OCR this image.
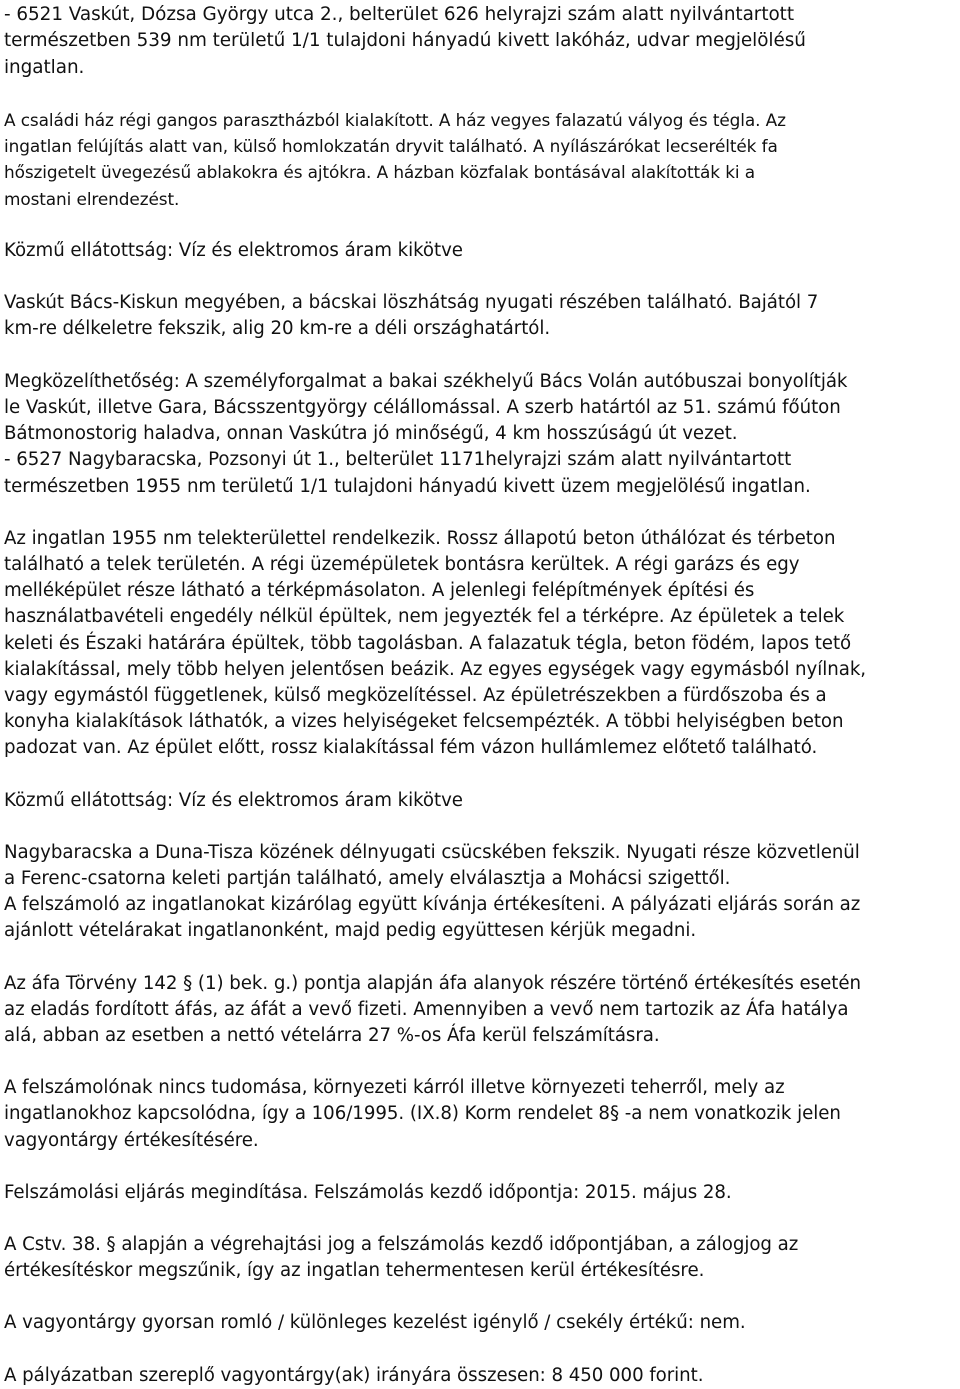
- 6521 Vaskút, Dózsa György utca 2., belterület 626 helyrajzi szám alatt nyilvántartott
természetben 539 nm területű 1/1 tulajdoni hányadú kivett lakóház, udvar megjelölésű
ingatlan.

A családi ház régi gangos parasztházból kialakított. A ház vegyes falazatú vályog és tégla. Az
ingatlan felújítás alatt van, külső homlokzatán dryvit található. A nyílászárókat lecserélték fa
hőszigetelt üvegezésű ablakokra és ajtókra. A házban közfalak bontásával alakították ki a
mostani elrendezést.

Közmű ellátottság: Víz és elektromos áram kikötve

Vaskút Bács-Kiskun megyében, a bácskai löszhátság nyugati részében található. Bajától 7
km-re délkeletre fekszik, alig 20 km-re a déli országhatártól.

Megközelíthetőség: A személyforgalmat a bakai székhelyű Bács Volán autóbuszai bonyolítják
le Vaskút, illetve Gara, Bácsszentgyörgy célállomással. A szerb határtól az 51. számú főúton
Bátmonostorig haladva, onnan Vaskútra jó minőségű, 4 km hosszúságú út vezet.
- 6527 Nagybaracska, Pozsonyi út 1., belterület 1171helyrajzi szám alatt nyilvántartott
természetben 1955 nm területű 1/1 tulajdoni hányadú kivett üzem megjelölésű ingatlan.

Az ingatlan 1955 nm telekterülettel rendelkezik. Rossz állapotú beton úthálózat és térbeton
található a telek területén. A régi üzemépületek bontásra kerültek. A régi garázs és egy
melléképület része látható a térképmásolaton. A jelenlegi felépítmények építési és
használatbavételi engedély nélkül épültek, nem jegyezték fel a térképre. Az épületek a telek
keleti és Északi határára épültek, több tagolásban. A falazatuk tégla, beton födém, lapos tető
kialakítással, mely több helyen jelentősen beázik. Az egyes egységek vagy egymásból nyílnak,
vagy egymástól függetlenek, külső megközelítéssel. Az épületrészekben a fürdőszoba és a
konyha kialakítások láthatók, a vizes helyiségeket felcsempézték. A többi helyiségben beton
padozat van. Az épület előtt, rossz kialakítással fém vázon hullámlemez előtető található.

Közmű ellátottság: Víz és elektromos áram kikötve

Nagybaracska a Duna-Tisza közének délnyugati csücskében fekszik. Nyugati része közvetlenül
a Ferenc-csatorna keleti partján található, amely elválasztja a Mohácsi szigettől.
A felszámoló az ingatlanokat kizárólag együtt kívánja értékesíteni. A pályázati eljárás során az
ajánlott vételárakat ingatlanonként, majd pedig együttesen kérjük megadni.

Az áfa Törvény 142 § (1) bek. g.) pontja alapján áfa alanyok részére történő értékesítés esetén
az eladás fordított áfás, az áfát a vevő fizeti. Amennyiben a vevő nem tartozik az Áfa hatálya
alá, abban az esetben a nettó vételárra 27 %-os Áfa kerül felszámításra.

A felszámolónak nincs tudomása, környezeti kárról illetve környezeti teherről, mely az
ingatlanokhoz kapcsolódna, így a 106/1995. (IX.8) Korm rendelet 8§ -a nem vonatkozik jelen
vagyontárgy értékesítésére.

Felszámolási eljárás megindítása. Felszámolás kezdő időpontja: 2015. május 28.

A Cstv. 38. § alapján a végrehajtási jog a felszámolás kezdő időpontjában, a zálogjog az
értékesítéskor megszűnik, így az ingatlan tehermentesen kerül értékesítésre.

A vagyontárgy gyorsan romló / különleges kezelést igénylő / csekély értékű: nem.

A pályázatban szereplő vagyontárgy(ak) irányára összesen: 8 450 000 forint.
